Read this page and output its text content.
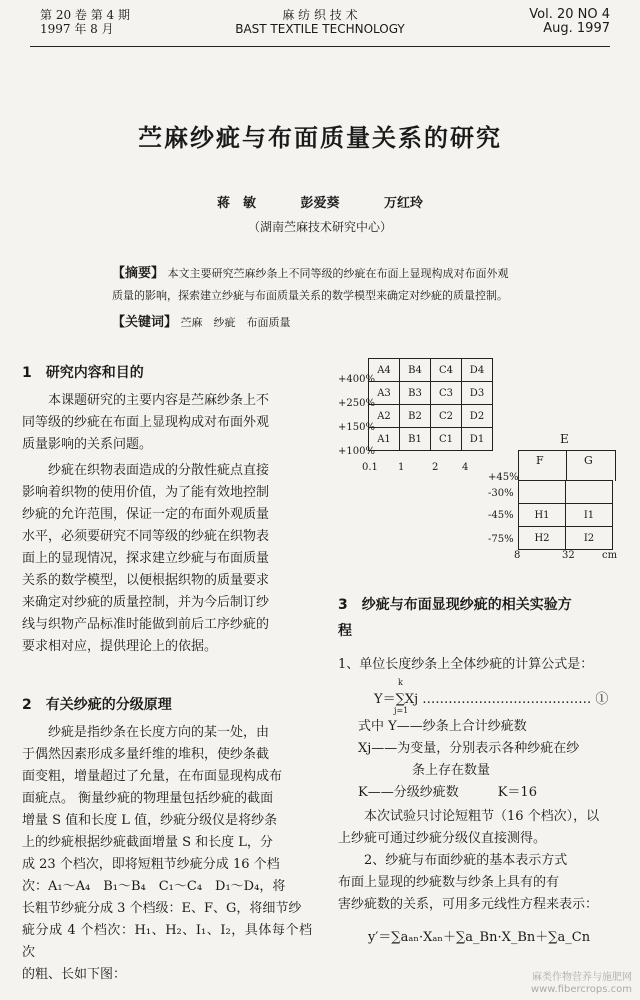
第 20 卷 第 4 期
1997 年 8 月
麻 纺 织 技 术
BAST TEXTILE TECHNOLOGY
Vol. 20 NO 4
Aug. 1997
苎麻纱疵与布面质量关系的研究
蒋　敏	彭爱葵	万红玲
（湖南苎麻技术研究中心）
【摘要】 本文主要研究苎麻纱条上不同等级的纱疵在布面上显现构成对布面外观
质量的影响，探索建立纱疵与布面质量关系的数学模型来确定对纱疵的质量控制。
【关键词】 苎麻　纱疵　布面质量
1　研究内容和目的
　　本课题研究的主要内容是苎麻纱条上不
同等级的纱疵在布面上显现构成对布面外观
质量影响的关系问题。
　　纱疵在织物表面造成的分散性疵点直接
影响着织物的使用价值，为了能有效地控制
纱疵的允许范围，保证一定的布面外观质量
水平，必须要研究不同等级的纱疵在织物表
面上的显现情况，探求建立纱疵与布面质量
关系的数学模型，以便根据织物的质量要求
来确定对纱疵的质量控制，并为今后制订纱
线与织物产品标准时能做到前后工序纱疵的
要求相对应，提供理论上的依据。
2　有关纱疵的分级原理
　　纱疵是指纱条在长度方向的某一处，由
于偶然因素形成多量纤维的堆积，使纱条截
面变粗，增量超过了允量，在布面显现构成布
面疵点。 衡量纱疵的物理量包括纱疵的截面
增量 S 值和长度 L 值，纱疵分级仪是将纱条
上的纱疵根据纱疵截面增量 S 和长度 L，分
成 23 个档次，即将短粗节纱疵分成 16 个档
次：A₁～A₄　B₁～B₄　C₁～C₄　D₁～D₄，将
长粗节纱疵分成 3 个档级：E、F、G，将细节纱
疵分成 4 个档次：H₁、H₂、I₁、I₂，具体每个档次
的粗、长如下图：
A4	B4	C4	D4
A3	B3	C3	D3
A2	B2	C2	D2
A1	B1	C1	D1
+400%
+250%
+150%
+100%
0.1 1	2 4
E
F	G

H1	I1
H2	I2
+45%
-30%
-45%
-75%
8	32	cm
3　纱疵与布面显现纱疵的相关实验方
程
1、单位长度纱条上全体纱疵的计算公式是：
Y＝∑Xj ………………………………… ①
k
j=1
式中 Y——纱条上合计纱疵数
Xj——为变量，分别表示各种纱疵在纱
条上存在数量
K——分级纱疵数　　　K＝16
　　本次试验只讨论短粗节（16 个档次），以
上纱疵可通过纱疵分级仪直接测得。
　　2、纱疵与布面纱疵的基本表示方式
布面上显现的纱疵数与纱条上具有的有
害纱疵数的关系，可用多元线性方程来表示：
y′＝∑aₐₙ·Xₐₙ＋∑a_Bn·X_Bn＋∑a_Cn
麻类作物营养与施肥网
www.fibercrops.com
